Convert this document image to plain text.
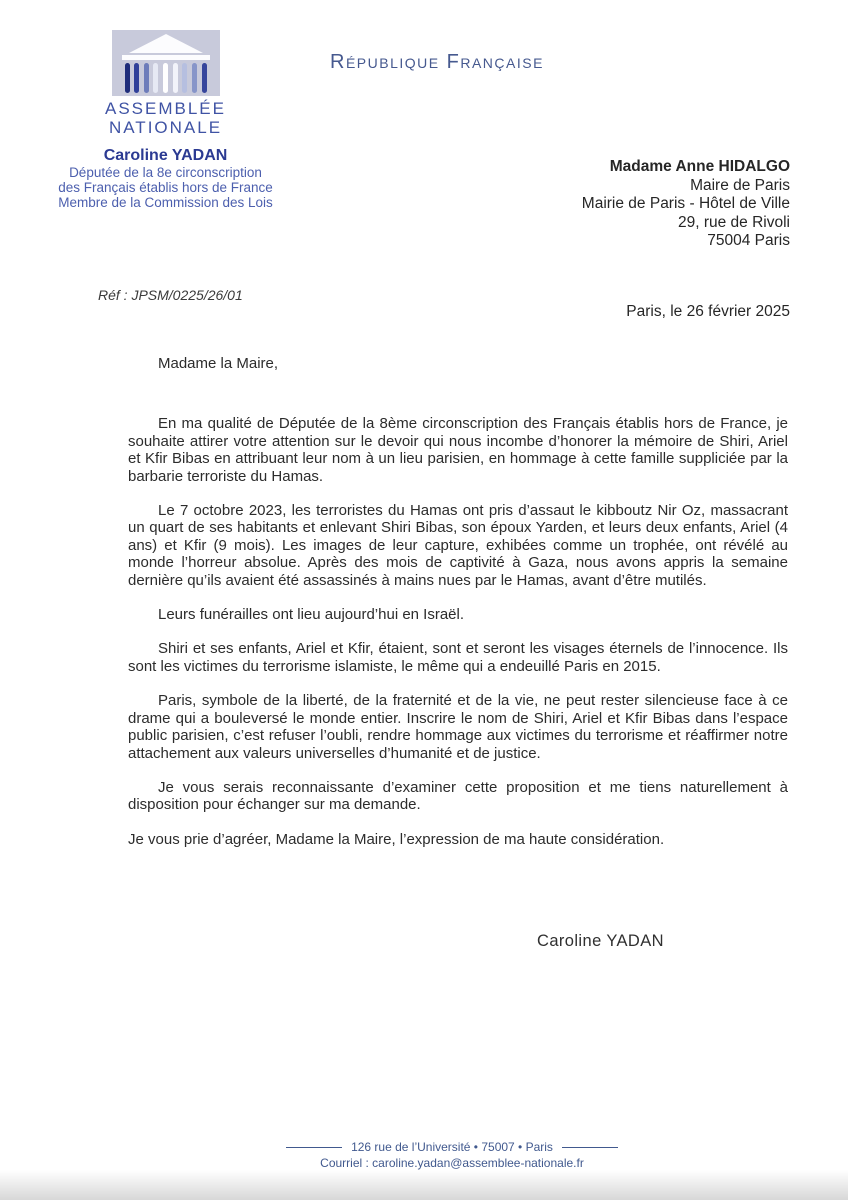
ASSEMBLÉE
NATIONALE
Caroline YADAN
Députée de la 8e circonscription
des Français établis hors de France
Membre de la Commission des Lois
République Française
Madame Anne HIDALGO
Maire de Paris
Mairie de Paris - Hôtel de Ville
29, rue de Rivoli
75004 Paris
Réf : JPSM/0225/26/01
Paris, le 26 février 2025
Madame la Maire,

En ma qualité de Députée de la 8ème circonscription des Français établis hors de France, je souhaite attirer votre attention sur le devoir qui nous incombe d’honorer la mémoire de Shiri, Ariel et Kfir Bibas en attribuant leur nom à un lieu parisien, en hommage à cette famille suppliciée par la barbarie terroriste du Hamas.

Le 7 octobre 2023, les terroristes du Hamas ont pris d’assaut le kibboutz Nir Oz, massacrant un quart de ses habitants et enlevant Shiri Bibas, son époux Yarden, et leurs deux enfants, Ariel (4 ans) et Kfir (9 mois). Les images de leur capture, exhibées comme un trophée, ont révélé au monde l’horreur absolue. Après des mois de captivité à Gaza, nous avons appris la semaine dernière qu’ils avaient été assassinés à mains nues par le Hamas, avant d’être mutilés.

Leurs funérailles ont lieu aujourd’hui en Israël.

Shiri et ses enfants, Ariel et Kfir, étaient, sont et seront les visages éternels de l’innocence. Ils sont les victimes du terrorisme islamiste, le même qui a endeuillé Paris en 2015.

Paris, symbole de la liberté, de la fraternité et de la vie, ne peut rester silencieuse face à ce drame qui a bouleversé le monde entier. Inscrire le nom de Shiri, Ariel et Kfir Bibas dans l’espace public parisien, c’est refuser l’oubli, rendre hommage aux victimes du terrorisme et réaffirmer notre attachement aux valeurs universelles d’humanité et de justice.

Je vous serais reconnaissante d’examiner cette proposition et me tiens naturellement à disposition pour échanger sur ma demande.

Je vous prie d’agréer, Madame la Maire, l’expression de ma haute considération.

Caroline YADAN
126 rue de l’Université • 75007 • Paris
Courriel : caroline.yadan@assemblee-nationale.fr
